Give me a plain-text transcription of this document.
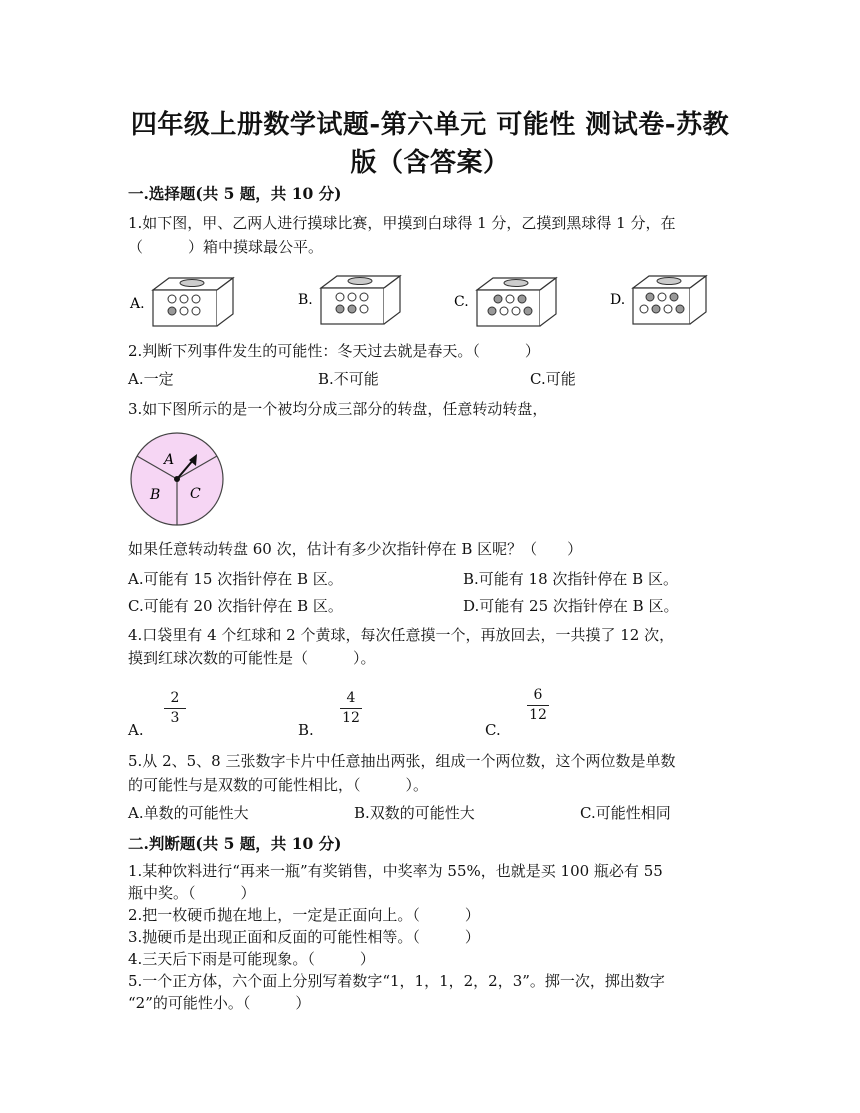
四年级上册数学试题-第六单元 可能性 测试卷-苏教
版（含答案）
一.选择题(共 5 题，共 10 分)
1.如下图，甲、乙两人进行摸球比赛，甲摸到白球得 1 分，乙摸到黑球得 1 分，在
（　　　）箱中摸球最公平。
A.	B.	C.	D.
2.判断下列事件发生的可能性：冬天过去就是春天。（　　　）
A.一定	B.不可能	C.可能
3.如下图所示的是一个被均分成三部分的转盘，任意转动转盘，
A
B C
如果任意转动转盘 60 次，估计有多少次指针停在 B 区呢？（　　）
A.可能有 15 次指针停在 B 区。	B.可能有 18 次指针停在 B 区。
C.可能有 20 次指针停在 B 区。	D.可能有 25 次指针停在 B 区。
4.口袋里有 4 个红球和 2 个黄球，每次任意摸一个，再放回去，一共摸了 12 次，
摸到红球次数的可能性是（　　　）。
2
3
A.
4
12
B.
6
12
C.
5.从 2、5、8 三张数字卡片中任意抽出两张，组成一个两位数，这个两位数是单数
的可能性与是双数的可能性相比，（　　　）。
A.单数的可能性大	B.双数的可能性大	C.可能性相同
二.判断题(共 5 题，共 10 分)
1.某种饮料进行“再来一瓶”有奖销售，中奖率为 55%，也就是买 100 瓶必有 55
瓶中奖。（　　　）
2.把一枚硬币抛在地上，一定是正面向上。（　　　）
3.抛硬币是出现正面和反面的可能性相等。（　　　）
4.三天后下雨是可能现象。（　　　）
5.一个正方体，六个面上分别写着数字“1，1，1，2，2，3”。掷一次，掷出数字
“2”的可能性小。（　　　）
